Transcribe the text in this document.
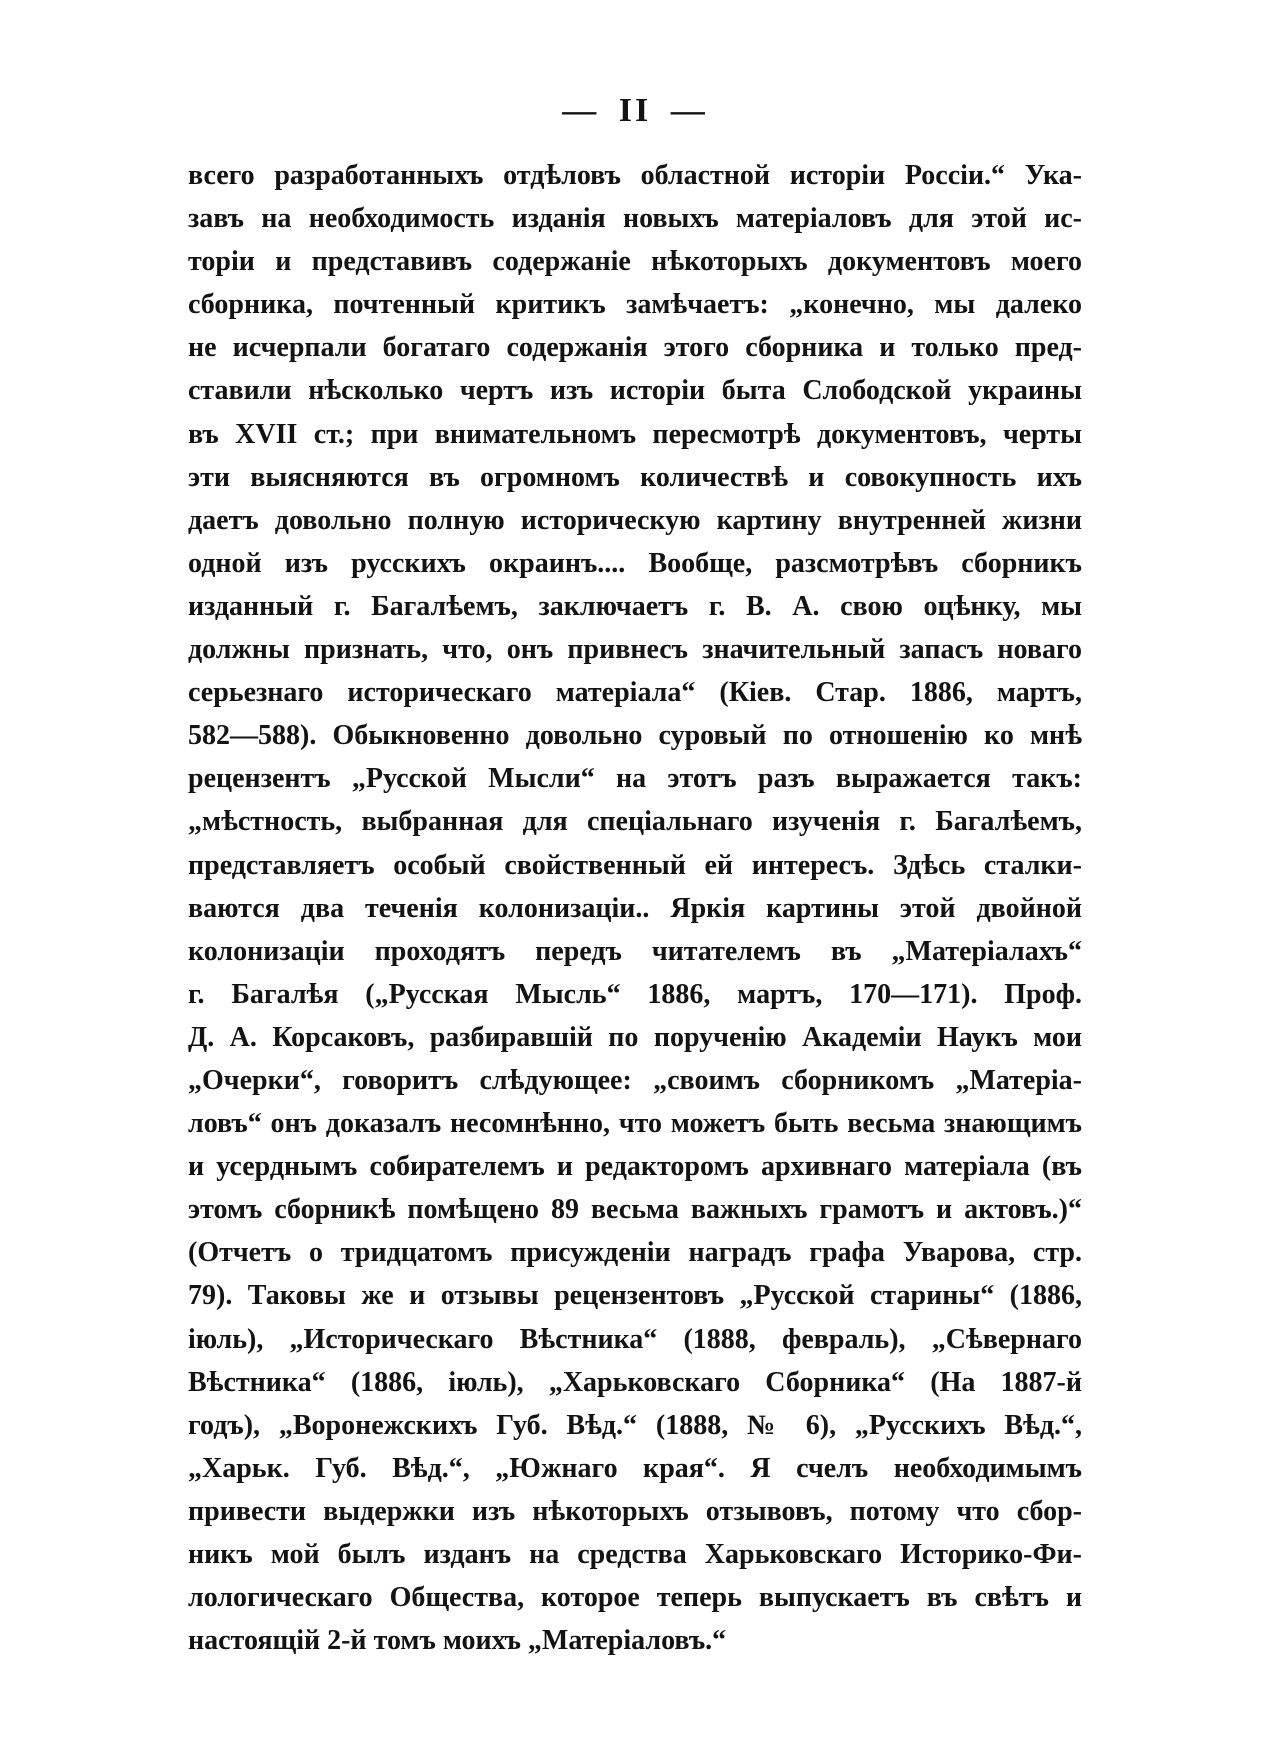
— II —
всего разработанныхъ отдѣловъ областной исторіи Россіи.“ Ука-
завъ на необходимость изданія новыхъ матеріаловъ для этой ис-
торіи и представивъ содержаніе нѣкоторыхъ документовъ моего
сборника, почтенный критикъ замѣчаетъ: „конечно, мы далеко
не исчерпали богатаго содержанія этого сборника и только пред-
ставили нѣсколько чертъ изъ исторіи быта Слободской украины
въ XVII ст.; при внимательномъ пересмотрѣ документовъ, черты
эти выясняются въ огромномъ количествѣ и совокупность ихъ
даетъ довольно полную историческую картину внутренней жизни
одной изъ русскихъ окраинъ.... Вообще, разсмотрѣвъ сборникъ
изданный г. Багалѣемъ, заключаетъ г. В. А. свою оцѣнку, мы
должны признать, что, онъ привнесъ значительный запасъ новаго
серьезнаго историческаго матеріала“ (Кіев. Стар. 1886, мартъ,
582—588). Обыкновенно довольно суровый по отношенію ко мнѣ
рецензентъ „Русской Мысли“ на этотъ разъ выражается такъ:
„мѣстность, выбранная для спеціальнаго изученія г. Багалѣемъ,
представляетъ особый свойственный ей интересъ. Здѣсь сталки-
ваются два теченія колонизаціи.. Яркія картины этой двойной
колонизаціи проходятъ передъ читателемъ въ „Матеріалахъ“
г. Багалѣя („Русская Мысль“ 1886, мартъ, 170—171). Проф.
Д. А. Корсаковъ, разбиравшій по порученію Академіи Наукъ мои
„Очерки“, говоритъ слѣдующее: „своимъ сборникомъ „Матеріа-
ловъ“ онъ доказалъ несомнѣнно, что можетъ быть весьма знающимъ
и усерднымъ собирателемъ и редакторомъ архивнаго матеріала (въ
этомъ сборникѣ помѣщено 89 весьма важныхъ грамотъ и актовъ.)“
(Отчетъ о тридцатомъ присужденіи наградъ графа Уварова, стр.
79). Таковы же и отзывы рецензентовъ „Русской старины“ (1886,
іюль), „Историческаго Вѣстника“ (1888, февраль), „Сѣвернаго
Вѣстника“ (1886, іюль), „Харьковскаго Сборника“ (На 1887-й
годъ), „Воронежскихъ Губ. Вѣд.“ (1888, № 6), „Русскихъ Вѣд.“,
„Харьк. Губ. Вѣд.“, „Южнаго края“. Я счелъ необходимымъ
привести выдержки изъ нѣкоторыхъ отзывовъ, потому что сбор-
никъ мой былъ изданъ на средства Харьковскаго Историко-Фи-
лологическаго Общества, которое теперь выпускаетъ въ свѣтъ и
настоящій 2-й томъ моихъ „Матеріаловъ.“
